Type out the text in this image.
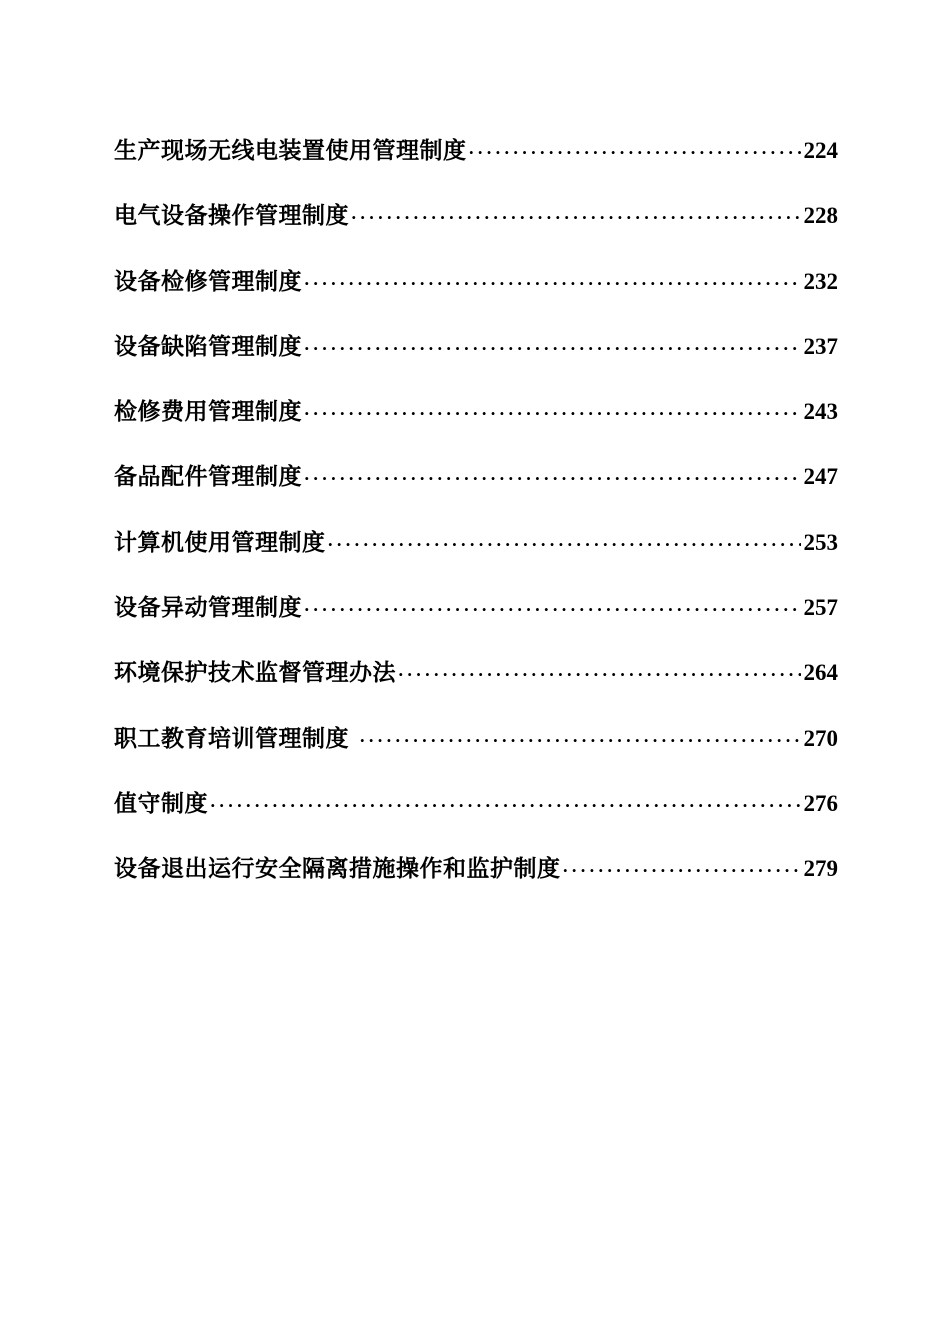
生产现场无线电装置使用管理制度 ·····	224
电气设备操作管理制度 ·····	228
设备检修管理制度 ·····	232
设备缺陷管理制度 ·····	237
检修费用管理制度 ·····	243
备品配件管理制度 ·····	247
计算机使用管理制度 ·····	253
设备异动管理制度 ·····	257
环境保护技术监督管理办法 ·····	264
职工教育培训管理制度 ·····	270
值守制度 ·····	276
设备退出运行安全隔离措施操作和监护制度 ·····	279
